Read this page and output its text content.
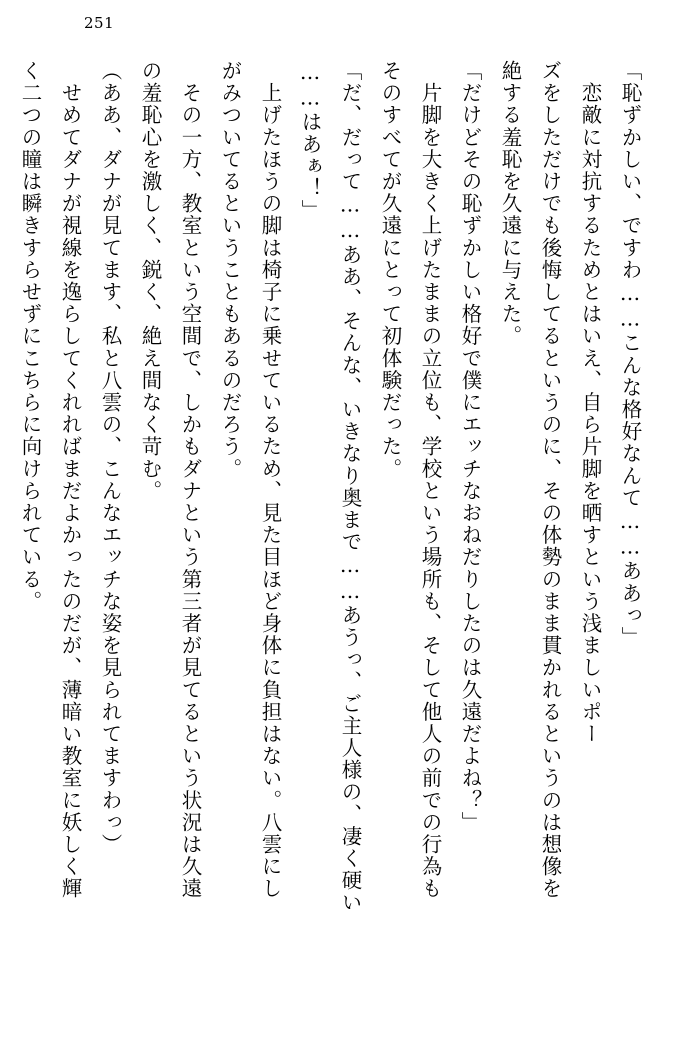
251
「恥ずかしい、ですわ……こんな格好なんて……ああっ」
　恋敵に対抗するためとはいえ、自ら片脚を晒すという浅ましいポー
ズをしただけでも後悔してるというのに、その体勢のまま貫かれるというのは想像を
絶する羞恥を久遠に与えた。
「だけどその恥ずかしい格好で僕にエッチなおねだりしたのは久遠だよね？」
　片脚を大きく上げたままの立位も、学校という場所も、そして他人の前での行為も
そのすべてが久遠にとって初体験だった。
「だ、だって……ああ、そんな、いきなり奥まで……あうっ、ご主人様の、凄く硬い
……はあぁ！」
　上げたほうの脚は椅子に乗せているため、見た目ほど身体に負担はない。八雲にし
がみついてるということもあるのだろう。
　その一方、教室という空間で、しかもダナという第三者が見てるという状況は久遠
の羞恥心を激しく、鋭く、絶え間なく苛む。
（ああ、ダナが見てます、私と八雲の、こんなエッチな姿を見られてますわっ）
　せめてダナが視線を逸らしてくれればまだよかったのだが、薄暗い教室に妖しく輝
く二つの瞳は瞬きすらせずにこちらに向けられている。
